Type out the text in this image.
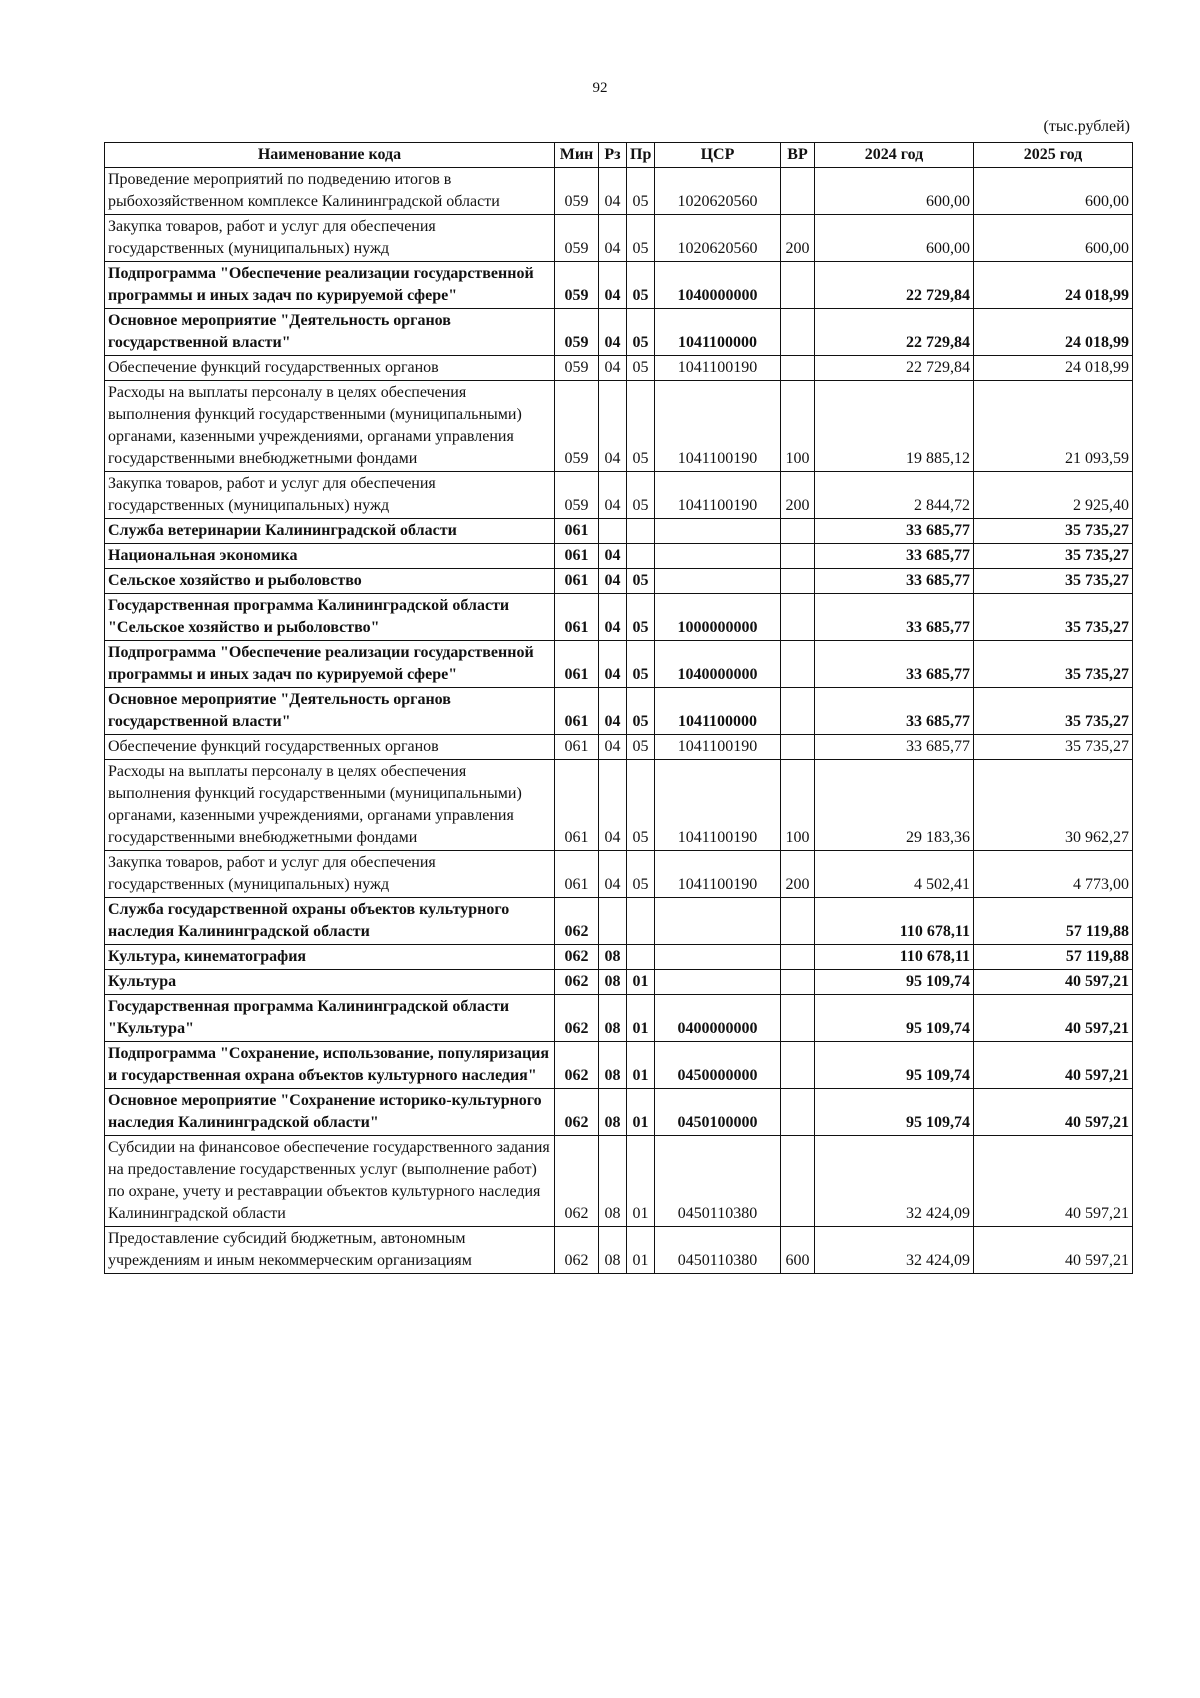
92
(тыс.рублей)
Наименование кода	Мин	Рз	Пр	ЦСР	ВР	2024 год	2025 год
Проведение мероприятий по подведению итогов в рыбохозяйственном комплексе Калининградской области	059	04	05	1020620560		600,00	600,00
Закупка товаров, работ и услуг для обеспечения государственных (муниципальных) нужд	059	04	05	1020620560	200	600,00	600,00
Подпрограмма "Обеспечение реализации государственной программы и иных задач по курируемой сфере"	059	04	05	1040000000		22 729,84	24 018,99
Основное мероприятие "Деятельность органов государственной власти"	059	04	05	1041100000		22 729,84	24 018,99
Обеспечение функций государственных органов	059	04	05	1041100190		22 729,84	24 018,99
Расходы на выплаты персоналу в целях обеспечения выполнения функций государственными (муниципальными) органами, казенными учреждениями, органами управления государственными внебюджетными фондами	059	04	05	1041100190	100	19 885,12	21 093,59
Закупка товаров, работ и услуг для обеспечения государственных (муниципальных) нужд	059	04	05	1041100190	200	2 844,72	2 925,40
Служба ветеринарии Калининградской области	061					33 685,77	35 735,27
Национальная экономика	061	04				33 685,77	35 735,27
Сельское хозяйство и рыболовство	061	04	05			33 685,77	35 735,27
Государственная программа Калининградской области "Сельское хозяйство и рыболовство"	061	04	05	1000000000		33 685,77	35 735,27
Подпрограмма "Обеспечение реализации государственной программы и иных задач по курируемой сфере"	061	04	05	1040000000		33 685,77	35 735,27
Основное мероприятие "Деятельность органов государственной власти"	061	04	05	1041100000		33 685,77	35 735,27
Обеспечение функций государственных органов	061	04	05	1041100190		33 685,77	35 735,27
Расходы на выплаты персоналу в целях обеспечения выполнения функций государственными (муниципальными) органами, казенными учреждениями, органами управления государственными внебюджетными фондами	061	04	05	1041100190	100	29 183,36	30 962,27
Закупка товаров, работ и услуг для обеспечения государственных (муниципальных) нужд	061	04	05	1041100190	200	4 502,41	4 773,00
Служба государственной охраны объектов культурного наследия Калининградской области	062					110 678,11	57 119,88
Культура, кинематография	062	08				110 678,11	57 119,88
Культура	062	08	01			95 109,74	40 597,21
Государственная программа Калининградской области "Культура"	062	08	01	0400000000		95 109,74	40 597,21
Подпрограмма "Сохранение, использование, популяризация и государственная охрана объектов культурного наследия"	062	08	01	0450000000		95 109,74	40 597,21
Основное мероприятие "Сохранение историко-культурного наследия Калининградской области"	062	08	01	0450100000		95 109,74	40 597,21
Субсидии на финансовое обеспечение государственного задания на предоставление государственных услуг (выполнение работ) по охране, учету и реставрации объектов культурного наследия Калининградской области	062	08	01	0450110380		32 424,09	40 597,21
Предоставление субсидий бюджетным, автономным учреждениям и иным некоммерческим организациям	062	08	01	0450110380	600	32 424,09	40 597,21
